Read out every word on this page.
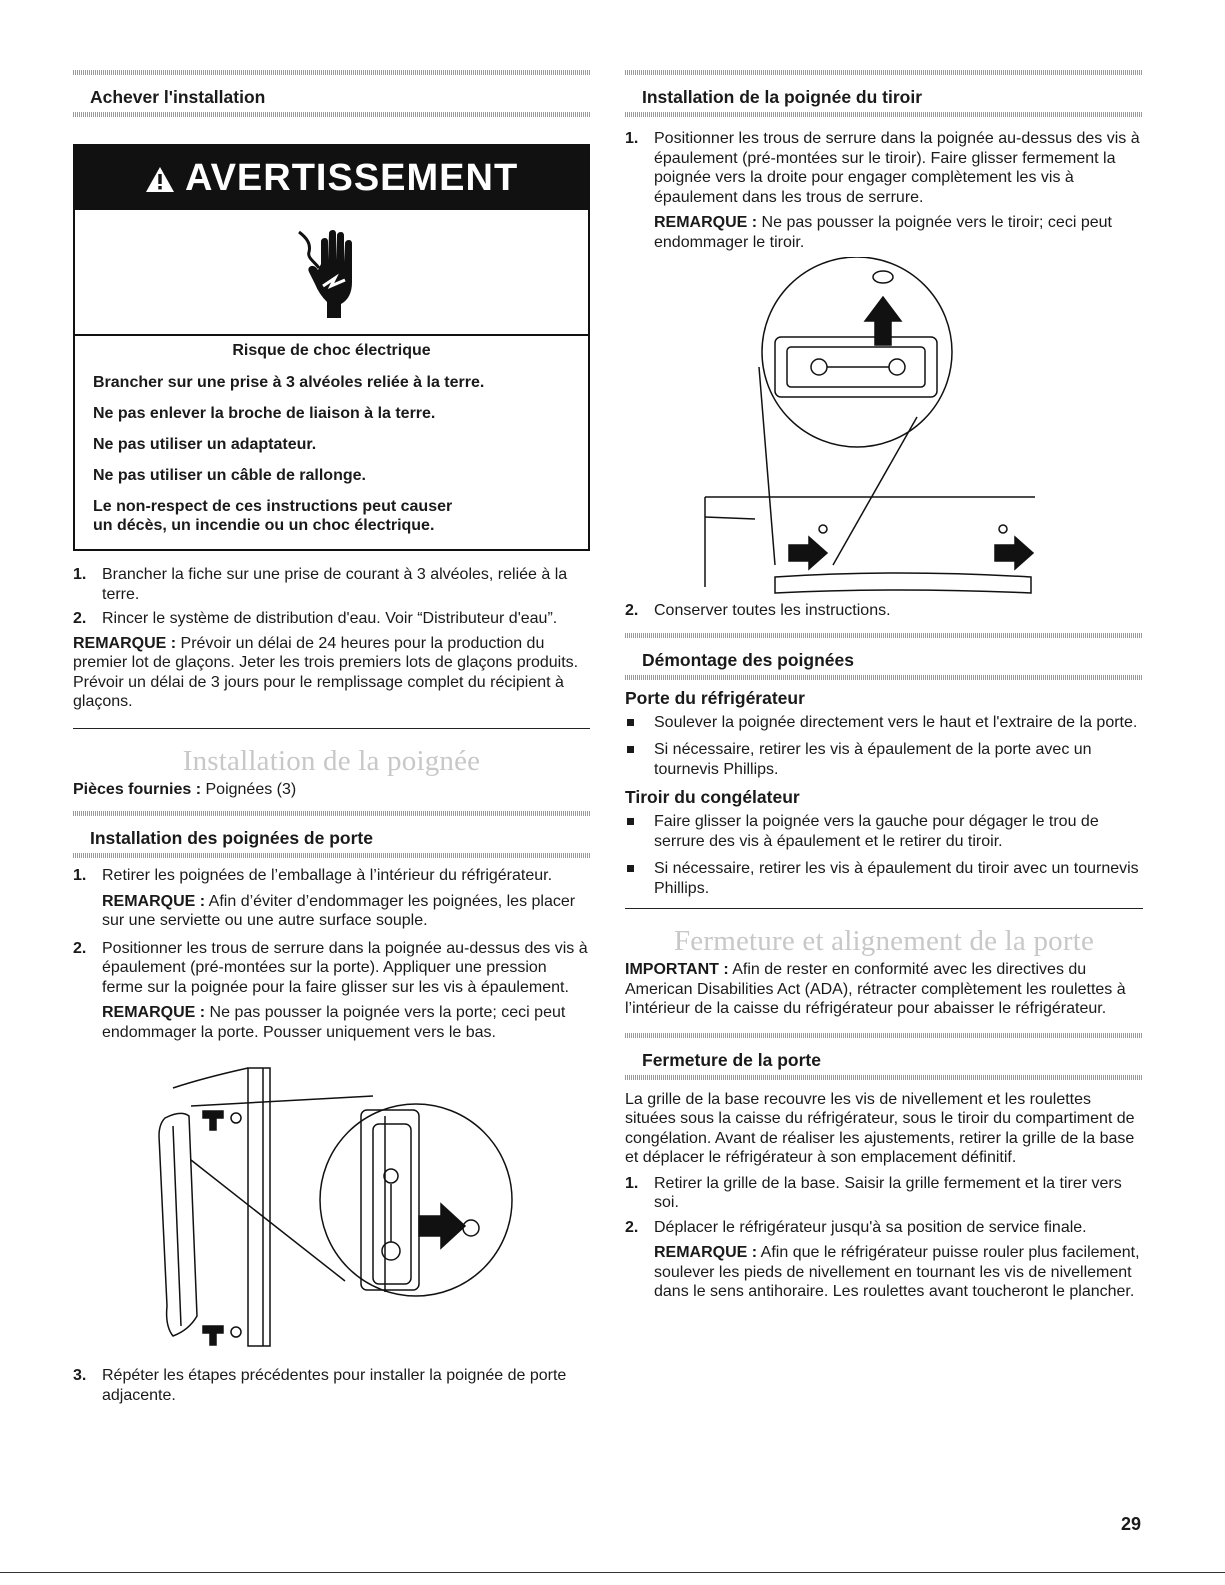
Achever l'installation
AVERTISSEMENT
Risque de choc électrique
Brancher sur une prise à 3 alvéoles reliée à la terre.
Ne pas enlever la broche de liaison à la terre.
Ne pas utiliser un adaptateur.
Ne pas utiliser un câble de rallonge.
Le non-respect de ces instructions peut causer
un décès, un incendie ou un choc électrique.
1. Brancher la fiche sur une prise de courant à 3 alvéoles, reliée à la terre.
2. Rincer le système de distribution d'eau. Voir “Distributeur d'eau”.

REMARQUE : Prévoir un délai de 24 heures pour la production du premier lot de glaçons. Jeter les trois premiers lots de glaçons produits. Prévoir un délai de 3 jours pour le remplissage complet du récipient à glaçons.

Installation de la poignée

Pièces fournies : Poignées (3)

Installation des poignées de porte
1. Retirer les poignées de l’emballage à l’intérieur du réfrigérateur.
REMARQUE : Afin d’éviter d’endommager les poignées, les placer sur une serviette ou une autre surface souple.
2. Positionner les trous de serrure dans la poignée au-dessus des vis à épaulement (pré-montées sur la porte). Appliquer une pression ferme sur la poignée pour la faire glisser sur les vis à épaulement.
REMARQUE : Ne pas pousser la poignée vers la porte; ceci peut endommager la porte. Pousser uniquement vers le bas.
3. Répéter les étapes précédentes pour installer la poignée de porte adjacente.
Installation de la poignée du tiroir
1. Positionner les trous de serrure dans la poignée au-dessus des vis à épaulement (pré-montées sur le tiroir). Faire glisser fermement la poignée vers la droite pour engager complètement les vis à épaulement dans les trous de serrure.
REMARQUE : Ne pas pousser la poignée vers le tiroir; ceci peut endommager le tiroir.
2. Conserver toutes les instructions.
Démontage des poignées
Porte du réfrigérateur
Soulever la poignée directement vers le haut et l'extraire de la porte.
Si nécessaire, retirer les vis à épaulement de la porte avec un tournevis Phillips.
Tiroir du congélateur
Faire glisser la poignée vers la gauche pour dégager le trou de serrure des vis à épaulement et le retirer du tiroir.
Si nécessaire, retirer les vis à épaulement du tiroir avec un tournevis Phillips.
Fermeture et alignement de la porte

IMPORTANT : Afin de rester en conformité avec les directives du American Disabilities Act (ADA), rétracter complètement les roulettes à l’intérieur de la caisse du réfrigérateur pour abaisser le réfrigérateur.

Fermeture de la porte

La grille de la base recouvre les vis de nivellement et les roulettes situées sous la caisse du réfrigérateur, sous le tiroir du compartiment de congélation. Avant de réaliser les ajustements, retirer la grille de la base et déplacer le réfrigérateur à son emplacement définitif.

1. Retirer la grille de la base. Saisir la grille fermement et la tirer vers soi.
2. Déplacer le réfrigérateur jusqu'à sa position de service finale.
REMARQUE : Afin que le réfrigérateur puisse rouler plus facilement, soulever les pieds de nivellement en tournant les vis de nivellement dans le sens antihoraire. Les roulettes avant toucheront le plancher.
29
